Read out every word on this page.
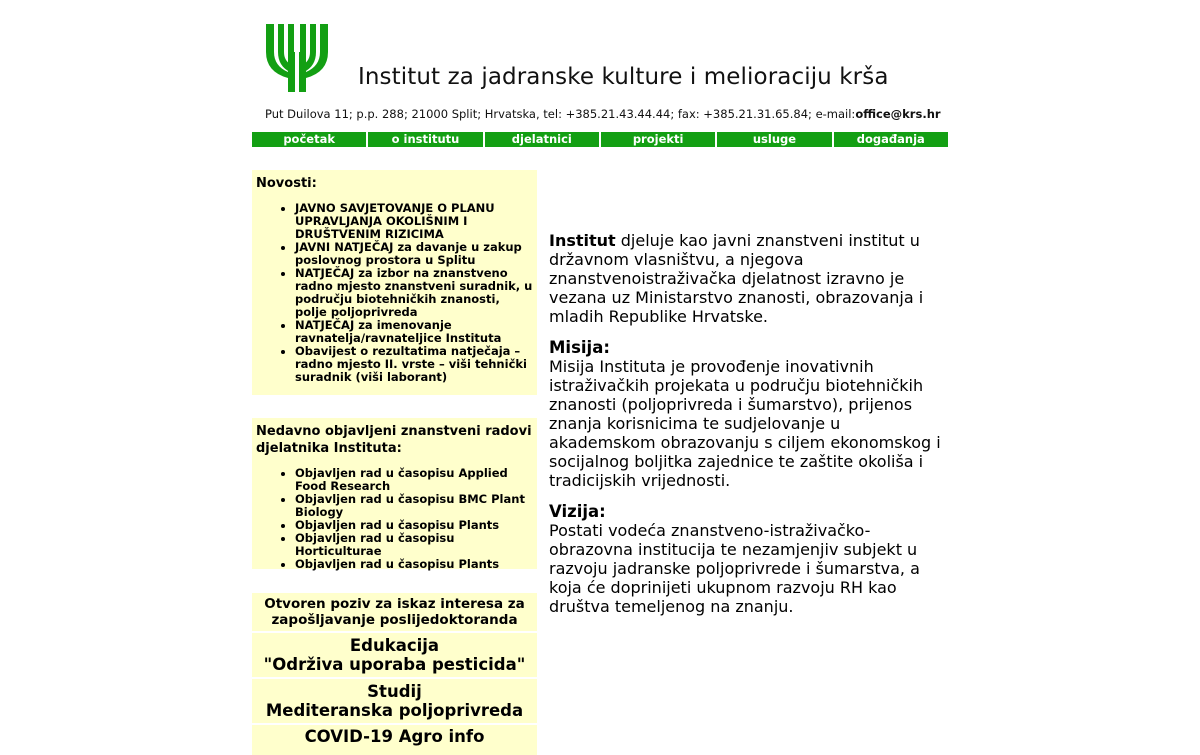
Institut za jadranske kulture i melioraciju krša
Put Duilova 11; p.p. 288; 21000 Split; Hrvatska, tel: +385.21.43.44.44; fax: +385.21.31.65.84; e-mail:office@krs.hr
početak	o institutu	djelatnici	projekti	usluge	događanja
Novosti:
• JAVNO SAVJETOVANJE O PLANU UPRAVLJANJA OKOLIŠNIM I DRUŠTVENIM RIZICIMA
• JAVNI NATJEČAJ za davanje u zakup poslovnog prostora u Splitu
• NATJEČAJ za izbor na znanstveno radno mjesto znanstveni suradnik, u području biotehničkih znanosti, polje poljoprivreda
• NATJEČAJ za imenovanje ravnatelja/ravnateljice Instituta
• Obavijest o rezultatima natječaja – radno mjesto II. vrste – viši tehnički suradnik (viši laborant)
Nedavno objavljeni znanstveni radovi djelatnika Instituta:
• Objavljen rad u časopisu Applied Food Research
• Objavljen rad u časopisu BMC Plant Biology
• Objavljen rad u časopisu Plants
• Objavljen rad u časopisu Horticulturae
• Objavljen rad u časopisu Plants
Otvoren poziv za iskaz interesa za zapošljavanje poslijedoktoranda
Edukacija
"Održiva uporaba pesticida"
Studij
Mediteranska poljoprivreda
COVID-19 Agro info

Institut djeluje kao javni znanstveni institut u državnom vlasništvu, a njegova znanstvenoistraživačka djelatnost izravno je vezana uz Ministarstvo znanosti, obrazovanja i mladih Republike Hrvatske.

Misija:

Misija Instituta je provođenje inovativnih istraživačkih projekata u području biotehničkih znanosti (poljoprivreda i šumarstvo), prijenos znanja korisnicima te sudjelovanje u akademskom obrazovanju s ciljem ekonomskog i socijalnog boljitka zajednice te zaštite okoliša i tradicijskih vrijednosti.

Vizija:

Postati vodeća znanstveno-istraživačko-obrazovna institucija te nezamjenjiv subjekt u razvoju jadranske poljoprivrede i šumarstva, a koja će doprinijeti ukupnom razvoju RH kao društva temeljenog na znanju.
